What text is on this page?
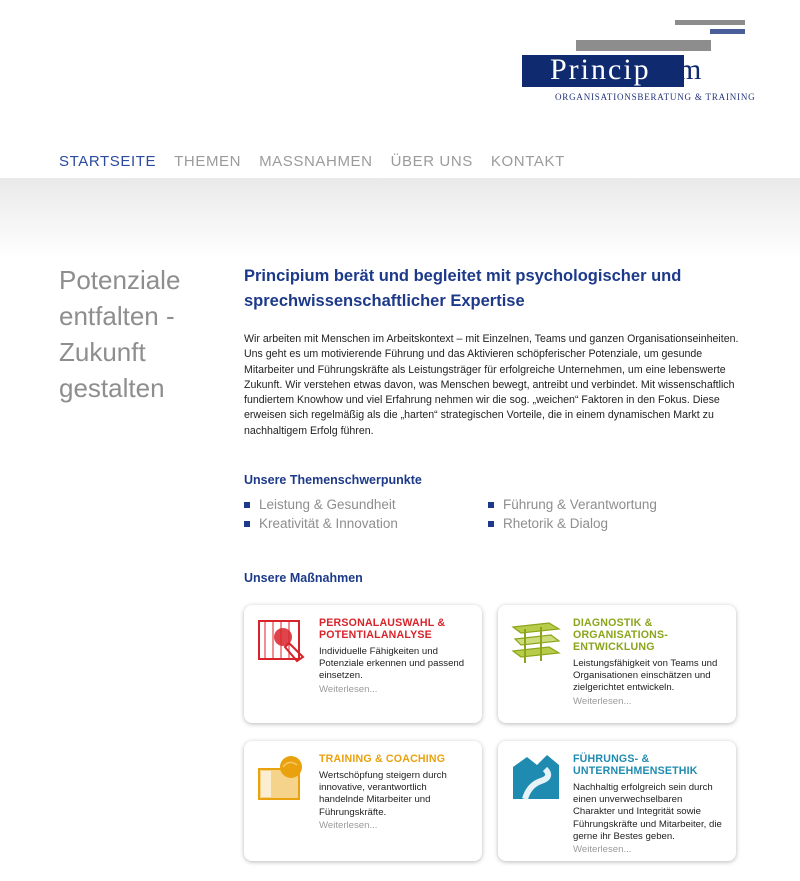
Principium
ORGANISATIONSBERATUNG & TRAINING
STARTSEITE THEMEN MASSNAHMEN ÜBER UNS KONTAKT
Potenziale entfalten - Zukunft gestalten
Principium berät und begleitet mit psychologischer und sprechwissenschaftlicher Expertise

Wir arbeiten mit Menschen im Arbeitskontext – mit Einzelnen, Teams und ganzen Organisationseinheiten. Uns geht es um motivierende Führung und das Aktivieren schöpferischer Potenziale, um gesunde Mitarbeiter und Führungskräfte als Leistungsträger für erfolgreiche Unternehmen, um eine lebenswerte Zukunft. Wir verstehen etwas davon, was Menschen bewegt, antreibt und verbindet. Mit wissenschaftlich fundiertem Knowhow und viel Erfahrung nehmen wir die sog. „weichen“ Faktoren in den Fokus. Diese erweisen sich regelmäßig als die „harten“ strategischen Vorteile, die in einem dynamischen Markt zu nachhaltigem Erfolg führen.

Unsere Themenschwerpunkte
Leistung & Gesundheit	Führung & Verantwortung
Kreativität & Innovation	Rhetorik & Dialog
Unsere Maßnahmen
PERSONALAUSWAHL & POTENTIALANALYSE
Individuelle Fähigkeiten und Potenziale erkennen und passend einsetzen.
Weiterlesen...
DIAGNOSTIK & ORGANISATIONS-ENTWICKLUNG
Leistungsfähigkeit von Teams und Organisationen einschätzen und zielgerichtet entwickeln.
Weiterlesen...
TRAINING & COACHING
Wertschöpfung steigern durch innovative, verantwortlich handelnde Mitarbeiter und Führungskräfte.
Weiterlesen...
FÜHRUNGS- & UNTERNEHMENSETHIK
Nachhaltig erfolgreich sein durch einen unverwechselbaren Charakter und Integrität sowie Führungskräfte und Mitarbeiter, die gerne ihr Bestes geben.
Weiterlesen...
